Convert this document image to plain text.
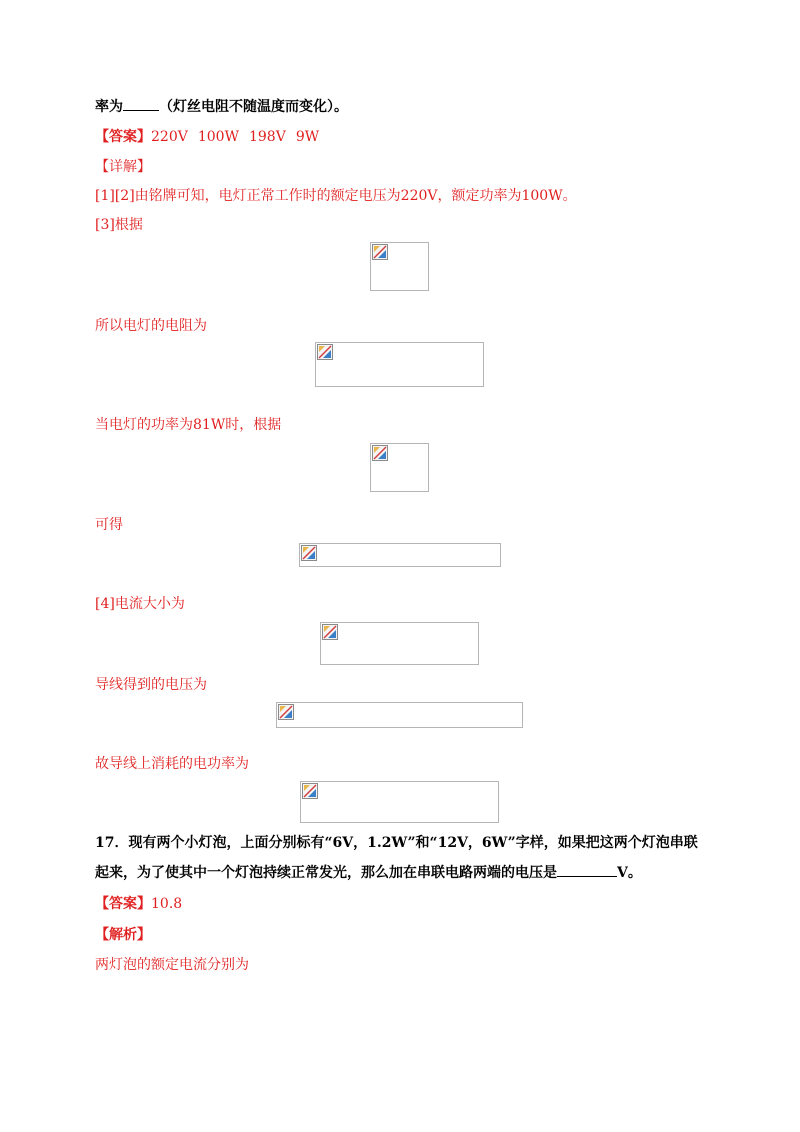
率为	（灯丝电阻不随温度而变化）。
【答案】220V 100W 198V 9W
【详解】
[1][2]由铭牌可知，电灯正常工作时的额定电压为220V，额定功率为100W。
[3]根据
所以电灯的电阻为
当电灯的功率为81W时，根据
可得
[4]电流大小为
导线得到的电压为
故导线上消耗的电功率为
17．现有两个小灯泡，上面分别标有“6V，1.2W”和“12V，6W”字样，如果把这两个灯泡串联
起来，为了使其中一个灯泡持续正常发光，那么加在串联电路两端的电压是	V。
【答案】10.8
【解析】
两灯泡的额定电流分别为
